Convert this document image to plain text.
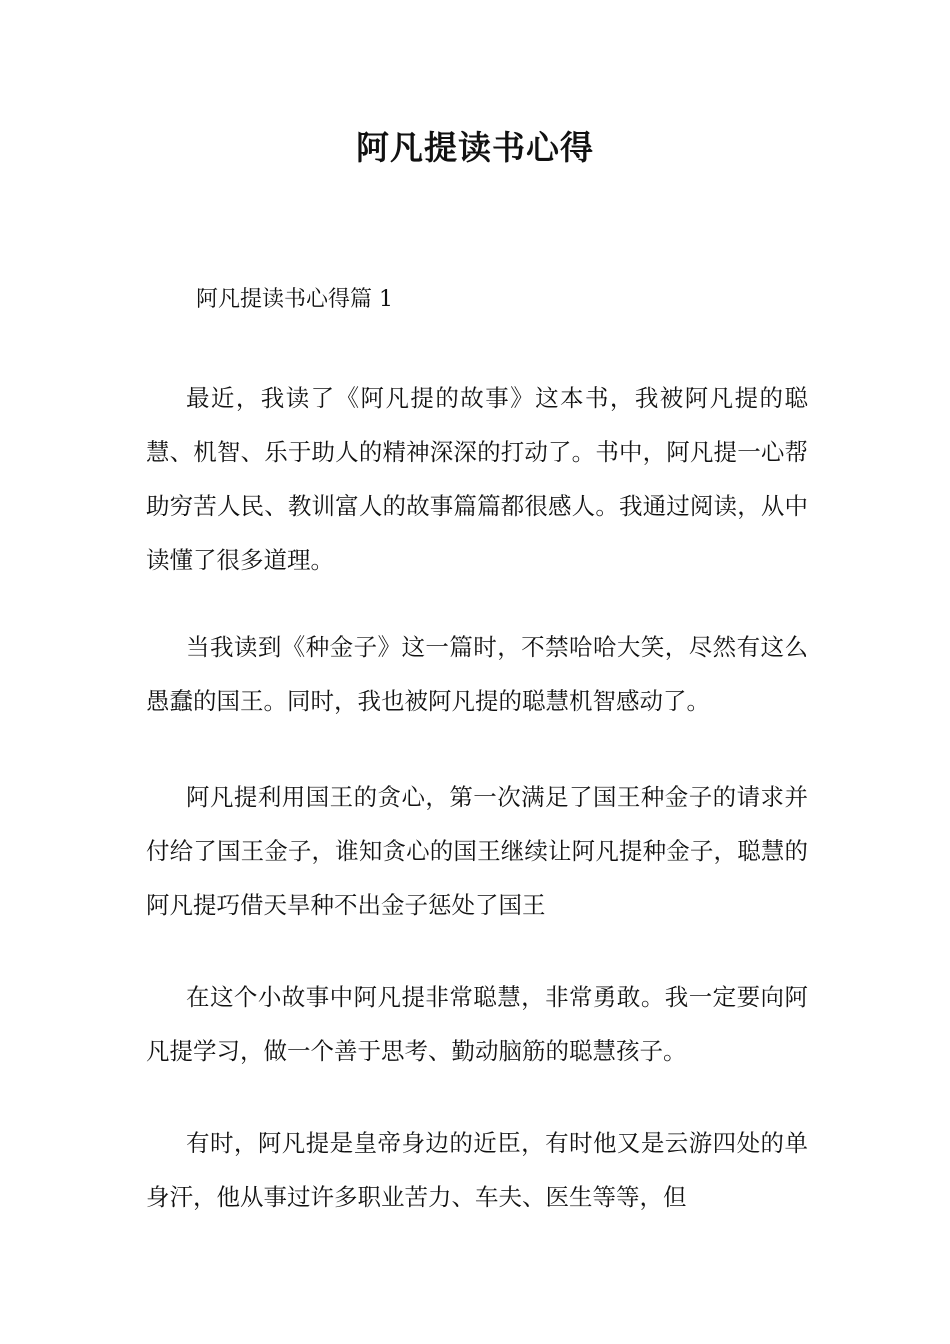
阿凡提读书心得

阿凡提读书心得篇 1

最近，我读了《阿凡提的故事》这本书，我被阿凡提的聪慧、机智、乐于助人的精神深深的打动了。书中，阿凡提一心帮助穷苦人民、教训富人的故事篇篇都很感人。我通过阅读，从中读懂了很多道理。

当我读到《种金子》这一篇时，不禁哈哈大笑，尽然有这么愚蠢的国王。同时，我也被阿凡提的聪慧机智感动了。

阿凡提利用国王的贪心，第一次满足了国王种金子的请求并付给了国王金子，谁知贪心的国王继续让阿凡提种金子，聪慧的阿凡提巧借天旱种不出金子惩处了国王

在这个小故事中阿凡提非常聪慧，非常勇敢。我一定要向阿凡提学习，做一个善于思考、勤动脑筋的聪慧孩子。

有时，阿凡提是皇帝身边的近臣，有时他又是云游四处的单身汗，他从事过许多职业苦力、车夫、医生等等，但
